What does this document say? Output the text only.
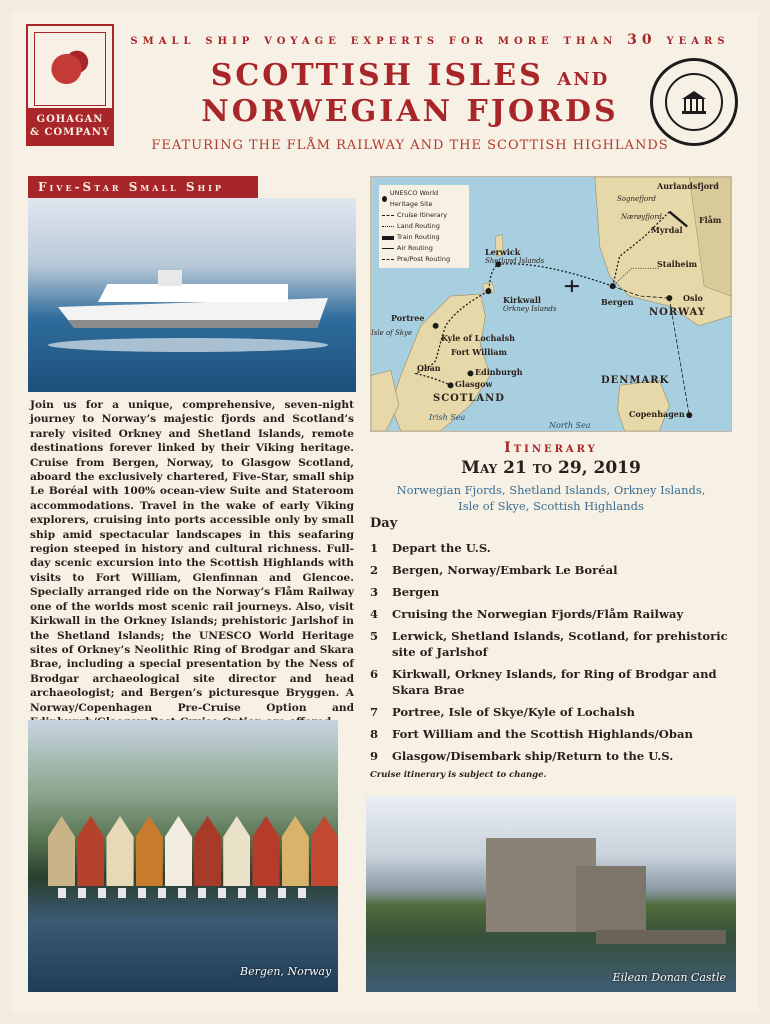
GOHAGAN
& COMPANY
small ship voyage experts for more than 30 years
SCOTTISH ISLES AND
NORWEGIAN FJORDS
FEATURING THE FLÅM RAILWAY AND THE SCOTTISH HIGHLANDS
Five-Star Small Ship

Join us for a unique, comprehensive, seven-night journey to Norway’s majestic fjords and Scotland’s rarely visited Orkney and Shetland Islands, remote destinations forever linked by their Viking heritage. Cruise from Bergen, Norway, to Glasgow Scotland, aboard the exclusively chartered, Five-Star, small ship Le Boréal with 100% ocean-view Suite and Stateroom accommodations. Travel in the wake of early Viking explorers, cruising into ports accessible only by small ship amid spectacular landscapes in this seafaring region steeped in history and cultural richness. Full-day scenic excursion into the Scottish Highlands with visits to Fort William, Glenfinnan and Glencoe. Specially arranged ride on the Norway’s Flåm Railway one of the worlds most scenic rail journeys. Also, visit Kirkwall in the Orkney Islands; prehistoric Jarlshof in the Shetland Islands; the UNESCO World Heritage sites of Orkney’s Neolithic Ring of Brodgar and Skara Brae, including a special presentation by the Ness of Brodgar archaeological site director and head archaeologist; and Bergen’s picturesque Bryggen. A Norway/Copenhagen Pre-Cruise Option and

UNESCO World Heritage Site
Cruise Itinerary
Land Routing
Train Routing
Air Routing
Pre/Post Routing
Aurlandsfjord
Sognefjord
Nærøyfjord	Flåm
Myrdal
Lerwick
Shetland Islands	Stalheim
Kirkwall
Orkney Islands
Bergen	Oslo
NORWAY
Portree
Isle of Skye	Kyle of Lochalsh
Fort William
Oban	Edinburgh
Glasgow	DENMARK
SCOTLAND
Irish Sea
North Sea
Copenhagen
Itinerary
May 21 to 29, 2019
Norwegian Fjords, Shetland Islands, Orkney Islands, Isle of Skye, Scottish Highlands
Day
1	Depart the U.S.
2	Bergen, Norway/Embark Le Boréal
3	Bergen
4	Cruising the Norwegian Fjords/Flåm Railway
5	Lerwick, Shetland Islands, Scotland, for prehistoric site of Jarlshof
6	Kirkwall, Orkney Islands, for Ring of Brodgar and Skara Brae
7	Portree, Isle of Skye/Kyle of Lochalsh
8	Fort William and the Scottish Highlands/Oban
9	Glasgow/Disembark ship/Return to the U.S.
Cruise itinerary is subject to change.
Bergen, Norway	Eilean Donan Castle
